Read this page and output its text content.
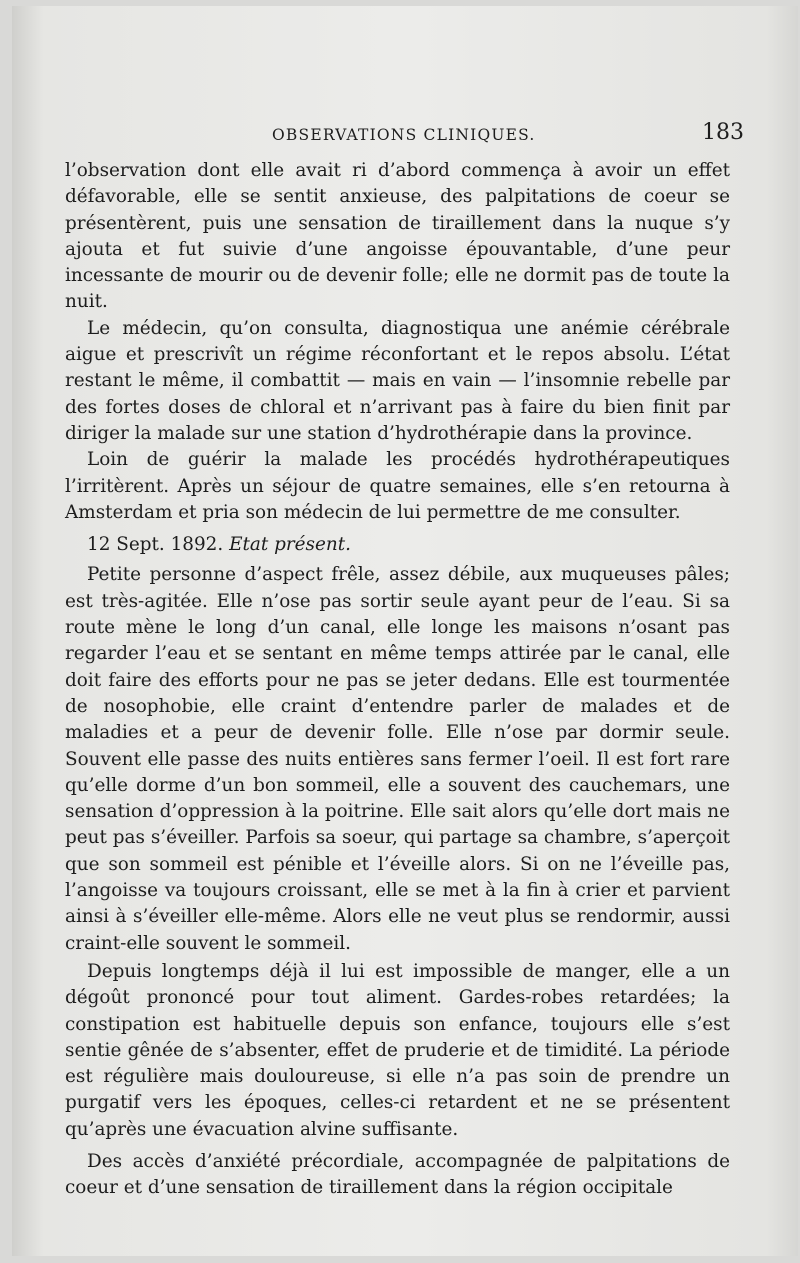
OBSERVATIONS CLINIQUES.	183

l’observation dont elle avait ri d’abord commença à avoir un effet défavorable, elle se sentit anxieuse, des palpitations de coeur se présentèrent, puis une sensation de tiraillement dans la nuque s’y ajouta et fut suivie d’une angoisse épouvantable, d’une peur incessante de mourir ou de devenir folle; elle ne dormit pas de toute la nuit.

Le médecin, qu’on consulta, diagnostiqua une anémie cérébrale aigue et prescrivît un régime réconfortant et le repos absolu. L’état restant le même, il combattit — mais en vain — l’insomnie rebelle par des fortes doses de chloral et n’arrivant pas à faire du bien finit par diriger la malade sur une station d’hydrothérapie dans la province.

Loin de guérir la malade les procédés hydrothérapeutiques l’irritèrent. Après un séjour de quatre semaines, elle s’en retourna à Amsterdam et pria son médecin de lui permettre de me consulter.

12 Sept. 1892. Etat présent.

Petite personne d’aspect frêle, assez débile, aux muqueuses pâles; est très-agitée. Elle n’ose pas sortir seule ayant peur de l’eau. Si sa route mène le long d’un canal, elle longe les maisons n’osant pas regarder l’eau et se sentant en même temps attirée par le canal, elle doit faire des efforts pour ne pas se jeter dedans. Elle est tourmentée de nosophobie, elle craint d’entendre parler de malades et de maladies et a peur de devenir folle. Elle n’ose par dormir seule. Souvent elle passe des nuits entières sans fermer l’oeil. Il est fort rare qu’elle dorme d’un bon sommeil, elle a souvent des cauchemars, une sensation d’oppression à la poitrine. Elle sait alors qu’elle dort mais ne peut pas s’éveiller. Parfois sa soeur, qui partage sa chambre, s’aperçoit que son sommeil est pénible et l’éveille alors. Si on ne l’éveille pas, l’angoisse va toujours croissant, elle se met à la fin à crier et parvient ainsi à s’éveiller elle-même. Alors elle ne veut plus se rendormir, aussi craint-elle souvent le sommeil.

Depuis longtemps déjà il lui est impossible de manger, elle a un dégoût prononcé pour tout aliment. Gardes-robes retardées; la constipation est habituelle depuis son enfance, toujours elle s’est sentie gênée de s’absenter, effet de pruderie et de timidité. La période est régulière mais douloureuse, si elle n’a pas soin de prendre un purgatif vers les époques, celles-ci retardent et ne se présentent qu’après une évacuation alvine suffisante.

Des accès d’anxiété précordiale, accompagnée de palpitations de coeur et d’une sensation de tiraillement dans la région occipitale
